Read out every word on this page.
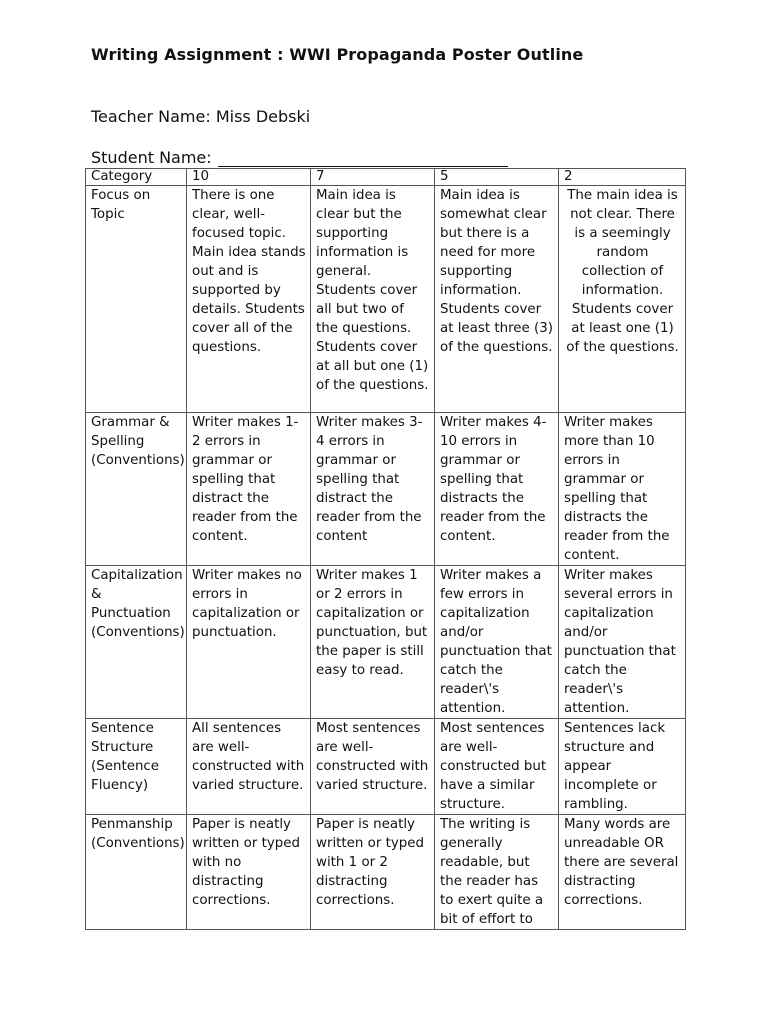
Writing Assignment : WWI Propaganda Poster Outline
Teacher Name: Miss Debski
Student Name:
Category	10	7	5	2
Focus on Topic	There is one clear, well-focused topic. Main idea stands out and is supported by details. Students cover all of the questions.	Main idea is clear but the supporting information is general. Students cover all but two of the questions. Students cover at all but one (1) of the questions.	Main idea is somewhat clear but there is a need for more supporting information. Students cover at least three (3) of the questions.	The main idea is not clear. There is a seemingly random collection of information. Students cover at least one (1) of the questions.
Grammar & Spelling (Conventions)	Writer makes 1-2 errors in grammar or spelling that distract the reader from the content.	Writer makes 3-4 errors in grammar or spelling that distract the reader from the content	Writer makes 4-10 errors in grammar or spelling that distracts the reader from the content.	Writer makes more than 10 errors in grammar or spelling that distracts the reader from the content.
Capitalization & Punctuation (Conventions)	Writer makes no errors in capitalization or punctuation.	Writer makes 1 or 2 errors in capitalization or punctuation, but the paper is still easy to read.	Writer makes a few errors in capitalization and/or punctuation that catch the reader\'s attention.	Writer makes several errors in capitalization and/or punctuation that catch the reader\'s attention.
Sentence Structure (Sentence Fluency)	All sentences are well-constructed with varied structure.	Most sentences are well-constructed with varied structure.	Most sentences are well-constructed but have a similar structure.	Sentences lack structure and appear incomplete or rambling.
Penmanship (Conventions)	Paper is neatly written or typed with no distracting corrections.	Paper is neatly written or typed with 1 or 2 distracting corrections.	The writing is generally readable, but the reader has to exert quite a bit of effort to	Many words are unreadable OR there are several distracting corrections.
